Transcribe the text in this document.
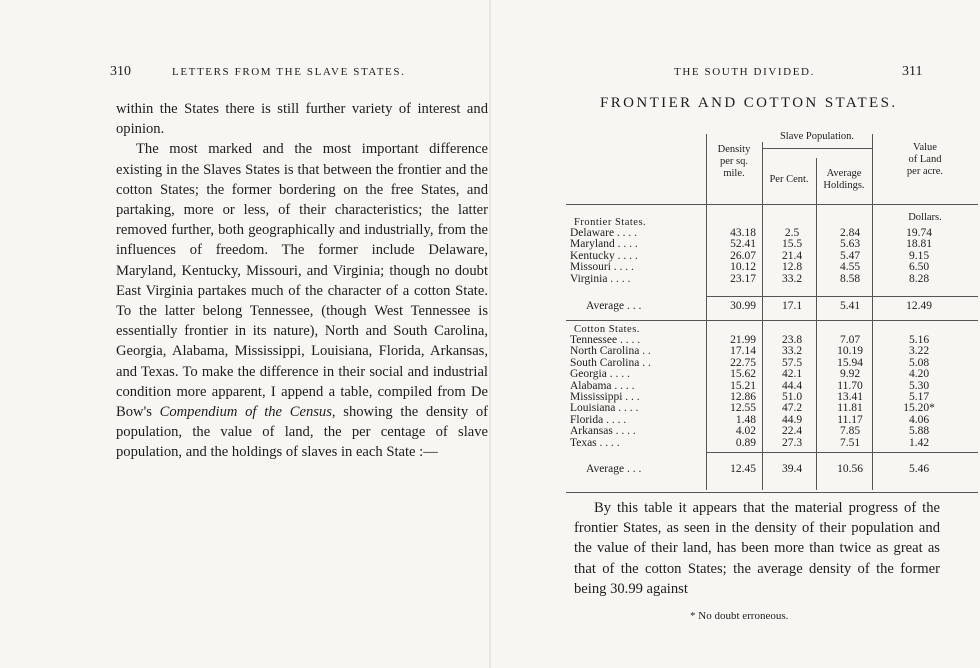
310	LETTERS FROM THE SLAVE STATES.

within the States there is still further variety of interest and opinion.

The most marked and the most important difference existing in the Slaves States is that between the frontier and the cotton States; the former bordering on the free States, and partaking, more or less, of their characteristics; the latter removed further, both geographically and industrially, from the influences of freedom. The former include Delaware, Maryland, Kentucky, Missouri, and Virginia; though no doubt East Virginia partakes much of the character of a cotton State. To the latter belong Tennessee, (though West Tennessee is essentially frontier in its nature), North and South Carolina, Georgia, Alabama, Mississippi, Louisiana, Florida, Arkansas, and Texas. To make the difference in their social and industrial condition more apparent, I append a table, compiled from De Bow's Compendium of the Census, showing the density of population, the value of land, the per centage of slave population, and the holdings of slaves in each State :—

THE SOUTH DIVIDED.	311
FRONTIER AND COTTON STATES.
Density
per sq.
mile.
Slave Population.
Per Cent.
Average
Holdings.
Value
of Land
per acre.
Dollars.
Frontier States.
Delaware . . . .	43.18	2.5	2.84	19.74
Maryland . . . .	52.41	15.5	5.63	18.81
Kentucky . . . .	26.07	21.4	5.47	9.15
Missouri . . . .	10.12	12.8	4.55	6.50
Virginia . . . .	23.17	33.2	8.58	8.28
Average . . .	30.99	17.1	5.41	12.49
Cotton States.
Tennessee . . . .	21.99	23.8	7.07	5.16
North Carolina . .	17.14	33.2	10.19	3.22
South Carolina . .	22.75	57.5	15.94	5.08
Georgia . . . .	15.62	42.1	9.92	4.20
Alabama . . . .	15.21	44.4	11.70	5.30
Mississippi . . .	12.86	51.0	13.41	5.17
Louisiana . . . .	12.55	47.2	11.81	15.20*
Florida . . . .	1.48	44.9	11.17	4.06
Arkansas . . . .	4.02	22.4	7.85	5.88
Texas . . . .	0.89	27.3	7.51	1.42
Average . . .	12.45	39.4	10.56	5.46

By this table it appears that the material progress of the frontier States, as seen in the density of their population and the value of their land, has been more than twice as great as that of the cotton States; the average density of the former being 30.99 against

* No doubt erroneous.
